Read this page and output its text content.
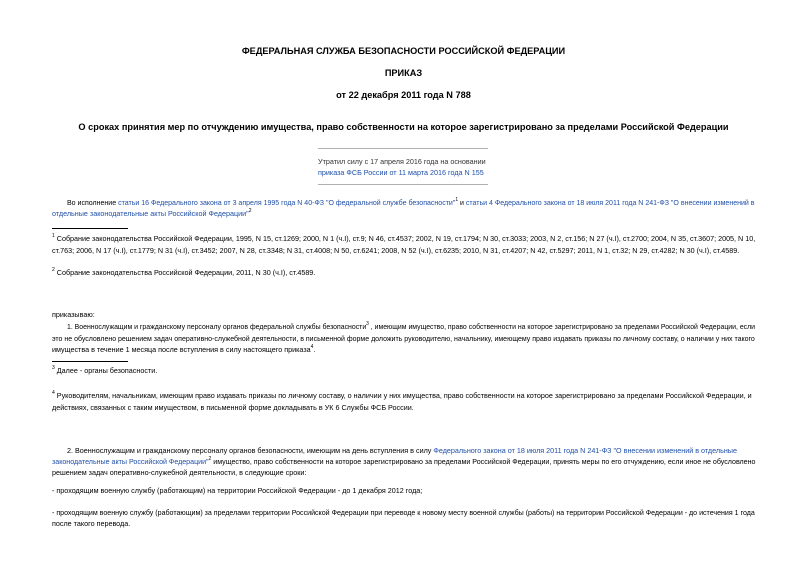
ФЕДЕРАЛЬНАЯ СЛУЖБА БЕЗОПАСНОСТИ РОССИЙСКОЙ ФЕДЕРАЦИИ
ПРИКАЗ
от 22 декабря 2011 года N 788
О сроках принятия мер по отчуждению имущества, право собственности на которое зарегистрировано за пределами Российской Федерации
Утратил силу с 17 апреля 2016 года на основании
приказа ФСБ России от 11 марта 2016 года N 155
Во исполнение статьи 16 Федерального закона от 3 апреля 1995 года N 40-ФЗ "О федеральной службе безопасности"$^1$ и статьи 4 Федерального закона от 18 июля 2011 года N 241-ФЗ "О внесении изменений в
отдельные законодательные акты Российской Федерации"$^2$
$^1$ Собрание законодательства Российской Федерации, 1995, N 15, ст.1269; 2000, N 1 (ч.I), ст.9; N 46, ст.4537; 2002, N 19, ст.1794; N 30, ст.3033; 2003, N 2, ст.156; N 27 (ч.I), ст.2700; 2004, N 35, ст.3607; 2005, N 10,
ст.763; 2006, N 17 (ч.I), ст.1779; N 31 (ч.I), ст.3452; 2007, N 28, ст.3348; N 31, ст.4008; N 50, ст.6241; 2008, N 52 (ч.I), ст.6235; 2010, N 31, ст.4207; N 42, ст.5297; 2011, N 1, ст.32; N 29, ст.4282; N 30 (ч.I), ст.4589.
$^2$ Собрание законодательства Российской Федерации, 2011, N 30 (ч.I), ст.4589.
приказываю:
1. Военнослужащим и гражданскому персоналу органов федеральной службы безопасности$^3$ , имеющим имущество, право собственности на которое зарегистрировано за пределами Российской Федерации, если
это не обусловлено решением задач оперативно-служебной деятельности, в письменной форме доложить руководителю, начальнику, имеющему право издавать приказы по личному составу, о наличии у них такого
имущества в течение 1 месяца после вступления в силу настоящего приказа$^4$.
$^3$ Далее - органы безопасности.
$^4$ Руководителям, начальникам, имеющим право издавать приказы по личному составу, о наличии у них имущества, право собственности на которое зарегистрировано за пределами Российской Федерации, и
действиях, связанных с таким имуществом, в письменной форме докладывать в УК 6 Службы ФСБ России.
2. Военнослужащим и гражданскому персоналу органов безопасности, имеющим на день вступления в силу Федерального закона от 18 июля 2011 года N 241-ФЗ "О внесении изменений в отдельные
законодательные акты Российской Федерации"$^2$ имущество, право собственности на которое зарегистрировано за пределами Российской Федерации, принять меры по его отчуждению, если иное не обусловлено
решением задач оперативно-служебной деятельности, в следующие сроки:
- проходящим военную службу (работающим) на территории Российской Федерации - до 1 декабря 2012 года;
- проходящим военную службу (работающим) за пределами территории Российской Федерации при переводе к новому месту военной службы (работы) на территории Российской Федерации - до истечения 1 года
после такого перевода.
